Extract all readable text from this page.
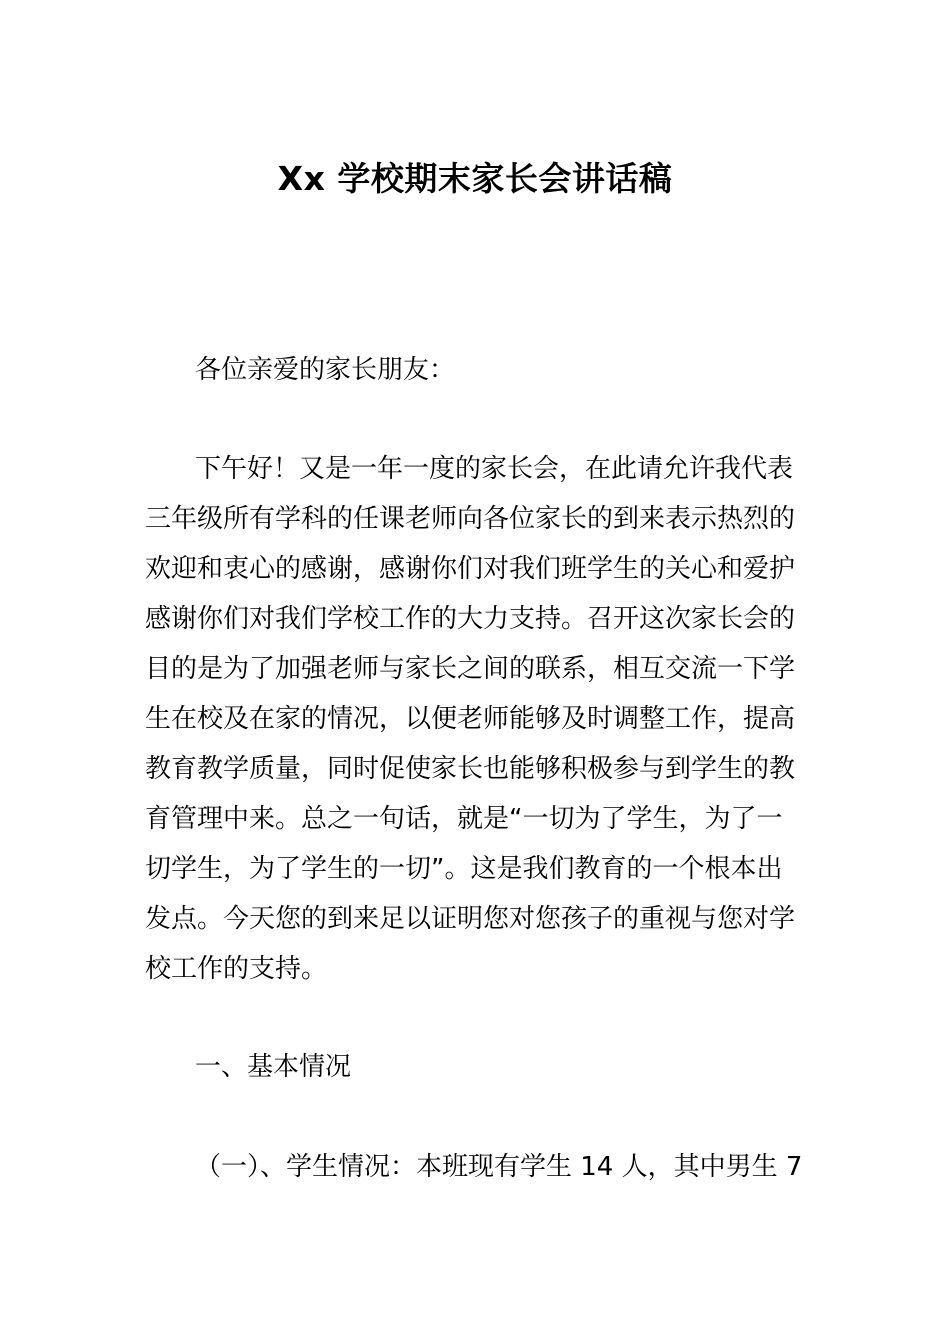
Xx 学校期末家长会讲话稿
各位亲爱的家长朋友：
下午好！又是一年一度的家长会，在此请允许我代表
三年级所有学科的任课老师向各位家长的到来表示热烈的
欢迎和衷心的感谢，感谢你们对我们班学生的关心和爱护
感谢你们对我们学校工作的大力支持。召开这次家长会的
目的是为了加强老师与家长之间的联系，相互交流一下学
生在校及在家的情况，以便老师能够及时调整工作，提高
教育教学质量，同时促使家长也能够积极参与到学生的教
育管理中来。总之一句话，就是“一切为了学生，为了一
切学生，为了学生的一切”。这是我们教育的一个根本出
发点。今天您的到来足以证明您对您孩子的重视与您对学
校工作的支持。
一、基本情况
（一）、学生情况：本班现有学生 14 人，其中男生 7
